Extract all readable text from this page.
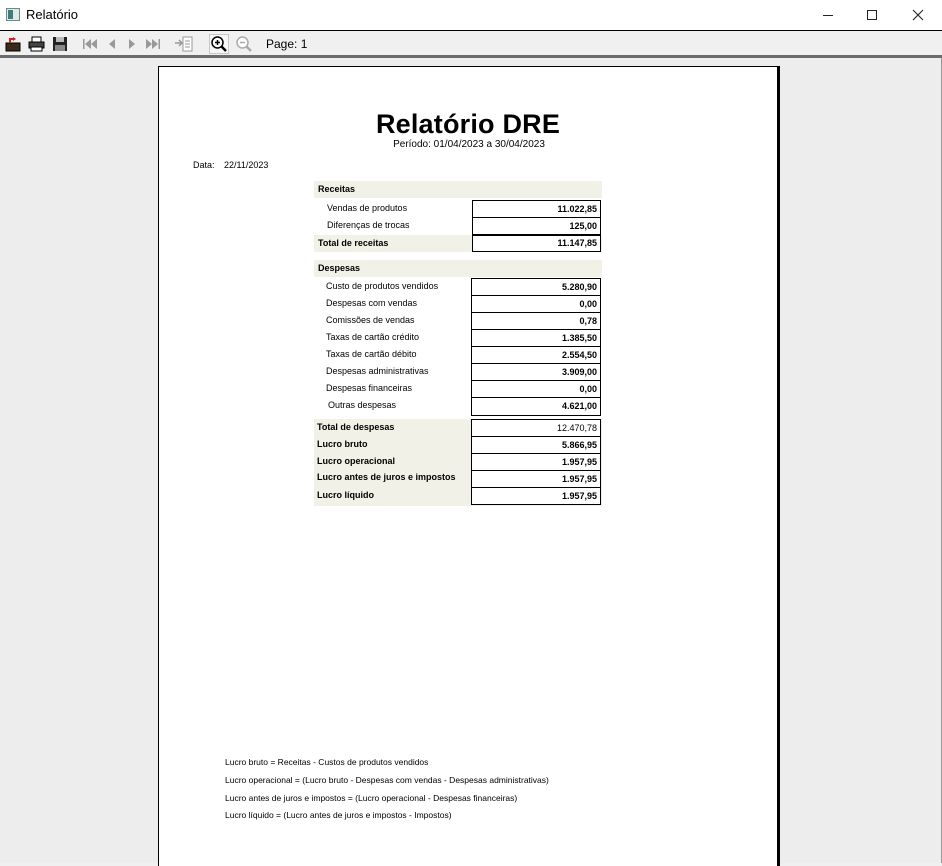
Relatório
Page: 1
Relatório DRE
Período: 01/04/2023 a 30/04/2023
Data: 22/11/2023
Receitas
Vendas de produtos	11.022,85
Diferenças de trocas	125,00
Total de receitas	11.147,85
Despesas
Custo de produtos vendidos	5.280,90
Despesas com vendas	0,00
Comissões de vendas	0,78
Taxas de cartão crédito	1.385,50
Taxas de cartão débito	2.554,50
Despesas administrativas	3.909,00
Despesas financeiras	0,00
Outras despesas	4.621,00
Total de despesas	12.470,78
Lucro bruto	5.866,95
Lucro operacional	1.957,95
Lucro antes de juros e impostos	1.957,95
Lucro líquido	1.957,95
Lucro bruto = Receitas - Custos de produtos vendidos
Lucro operacional = (Lucro bruto - Despesas com vendas - Despesas administrativas)
Lucro antes de juros e impostos = (Lucro operacional - Despesas financeiras)
Lucro líquido = (Lucro antes de juros e impostos - Impostos)
